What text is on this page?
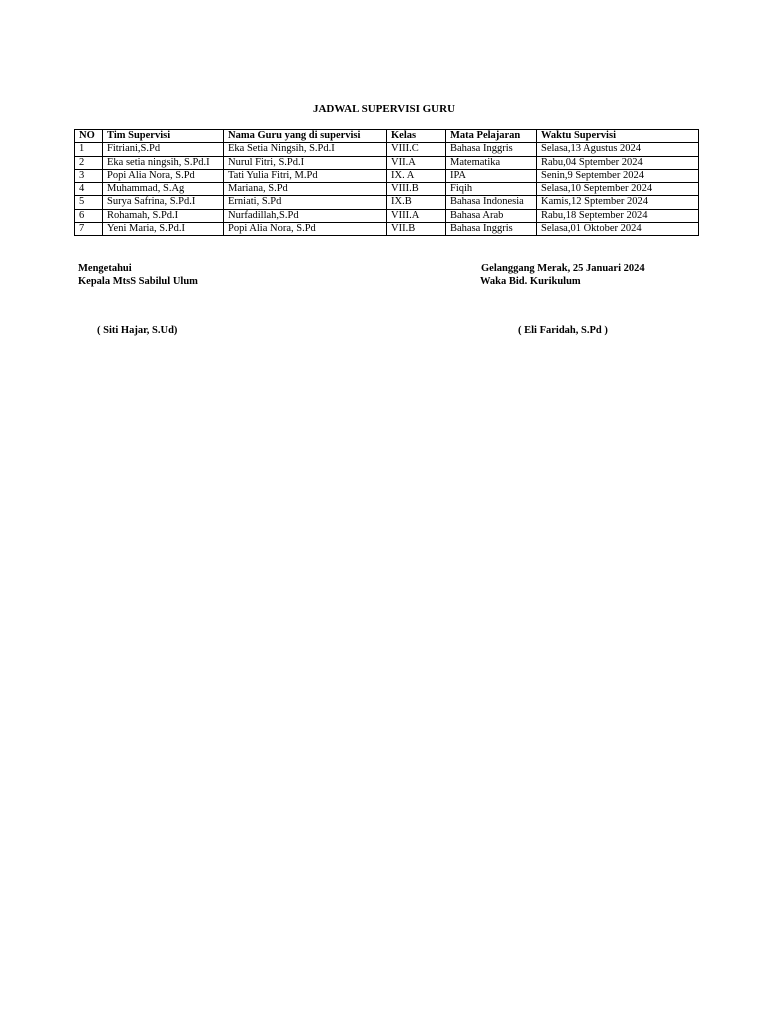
JADWAL SUPERVISI GURU
NO	Tim Supervisi	Nama Guru yang di supervisi	Kelas	Mata Pelajaran	Waktu Supervisi
1	Fitriani,S.Pd	Eka Setia Ningsih, S.Pd.I	VIII.C	Bahasa Inggris	Selasa,13 Agustus 2024
2	Eka setia ningsih, S.Pd.I	Nurul Fitri, S.Pd.I	VII.A	Matematika	Rabu,04 Sptember 2024
3	Popi Alia Nora, S.Pd	Tati Yulia Fitri, M.Pd	IX. A	IPA	Senin,9 September 2024
4	Muhammad, S.Ag	Mariana, S.Pd	VIII.B	Fiqih	Selasa,10 September 2024
5	Surya Safrina, S.Pd.I	Erniati, S.Pd	IX.B	Bahasa Indonesia	Kamis,12 Sptember 2024
6	Rohamah, S.Pd.I	Nurfadillah,S.Pd	VIII.A	Bahasa Arab	Rabu,18 September 2024
7	Yeni Maria, S.Pd.I	Popi Alia Nora, S.Pd	VII.B	Bahasa Inggris	Selasa,01 Oktober 2024
Mengetahui
Kepala MtsS Sabilul Ulum
( Siti Hajar, S.Ud)
Gelanggang Merak, 25 Januari 2024
Waka Bid. Kurikulum
( Eli Faridah, S.Pd )
